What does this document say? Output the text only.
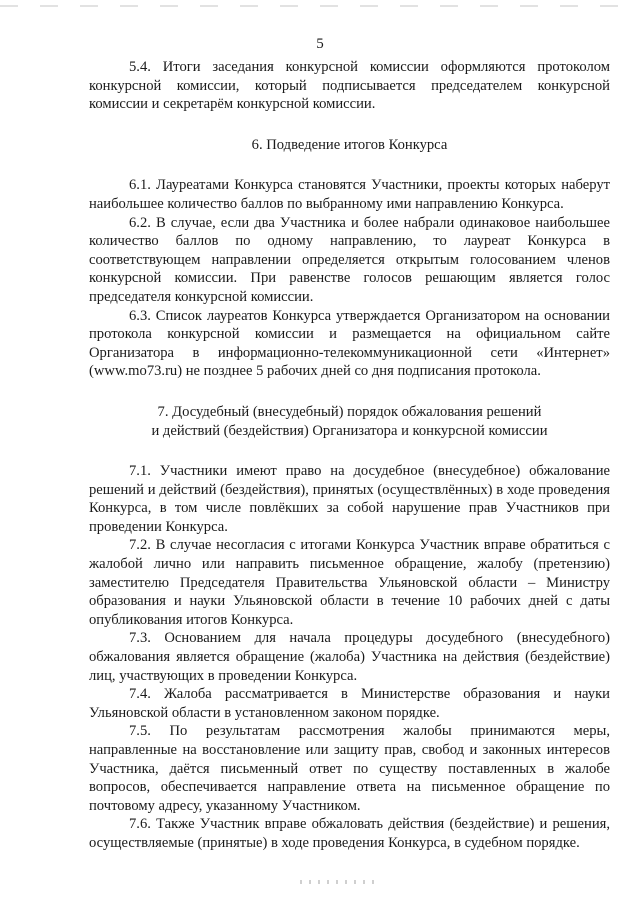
5

5.4. Итоги заседания конкурсной комиссии оформляются протоколом конкурсной комиссии, который подписывается председателем конкурсной комиссии и секретарём конкурсной комиссии.

6. Подведение итогов Конкурса

6.1. Лауреатами Конкурса становятся Участники, проекты которых наберут наибольшее количество баллов по выбранному ими направлению Конкурса.

6.2. В случае, если два Участника и более набрали одинаковое наибольшее количество баллов по одному направлению, то лауреат Конкурса в соответствующем направлении определяется открытым голосованием членов конкурсной комиссии. При равенстве голосов решающим является голос председателя конкурсной комиссии.

6.3. Список лауреатов Конкурса утверждается Организатором на основании протокола конкурсной комиссии и размещается на официальном сайте Организатора в информационно-телекоммуникационной сети «Интернет» (www.mo73.ru) не позднее 5 рабочих дней со дня подписания протокола.

7. Досудебный (внесудебный) порядок обжалования решений
и действий (бездействия) Организатора и конкурсной комиссии

7.1. Участники имеют право на досудебное (внесудебное) обжалование решений и действий (бездействия), принятых (осуществлённых) в ходе проведения Конкурса, в том числе повлёкших за собой нарушение прав Участников при проведении Конкурса.

7.2. В случае несогласия с итогами Конкурса Участник вправе обратиться с жалобой лично или направить письменное обращение, жалобу (претензию) заместителю Председателя Правительства Ульяновской области – Министру образования и науки Ульяновской области в течение 10 рабочих дней с даты опубликования итогов Конкурса.

7.3. Основанием для начала процедуры досудебного (внесудебного) обжалования является обращение (жалоба) Участника на действия (бездействие) лиц, участвующих в проведении Конкурса.

7.4. Жалоба рассматривается в Министерстве образования и науки Ульяновской области в установленном законом порядке.

7.5. По результатам рассмотрения жалобы принимаются меры, направленные на восстановление или защиту прав, свобод и законных интересов Участника, даётся письменный ответ по существу поставленных в жалобе вопросов, обеспечивается направление ответа на письменное обращение по почтовому адресу, указанному Участником.

7.6. Также Участник вправе обжаловать действия (бездействие) и решения, осуществляемые (принятые) в ходе проведения Конкурса, в судебном порядке.
